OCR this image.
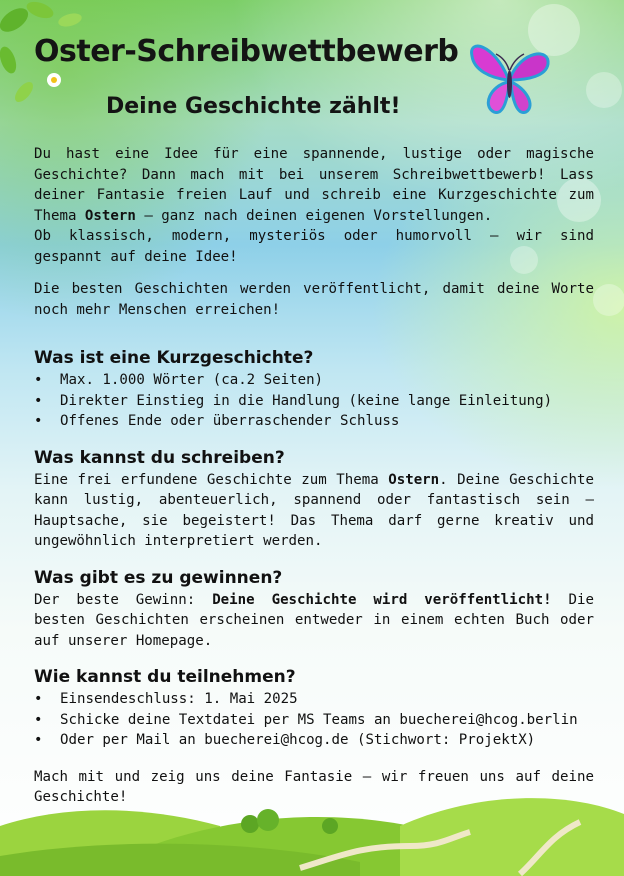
Oster-Schreibwettbewerb
Deine Geschichte zählt!

Du hast eine Idee für eine spannende, lustige oder magische Geschichte? Dann mach mit bei unserem Schreibwettbewerb! Lass deiner Fantasie freien Lauf und schreib eine Kurzgeschichte zum Thema Ostern – ganz nach deinen eigenen Vorstellungen.
Ob klassisch, modern, mysteriös oder humorvoll – wir sind gespannt auf deine Idee!

Die besten Geschichten werden veröffentlicht, damit deine Worte noch mehr Menschen erreichen!

Was ist eine Kurzgeschichte?
• Max. 1.000 Wörter (ca.2 Seiten)
• Direkter Einstieg in die Handlung (keine lange Einleitung)
• Offenes Ende oder überraschender Schluss
Was kannst du schreiben?

Eine frei erfundene Geschichte zum Thema Ostern. Deine Geschichte kann lustig, abenteuerlich, spannend oder fantastisch sein – Hauptsache, sie begeistert! Das Thema darf gerne kreativ und ungewöhnlich interpretiert werden.

Was gibt es zu gewinnen?

Der beste Gewinn: Deine Geschichte wird veröffentlicht! Die besten Geschichten erscheinen entweder in einem echten Buch oder auf unserer Homepage.

Wie kannst du teilnehmen?
• Einsendeschluss: 1. Mai 2025
• Schicke deine Textdatei per MS Teams an buecherei@hcog.berlin
• Oder per Mail an buecherei@hcog.de (Stichwort: ProjektX)

Mach mit und zeig uns deine Fantasie – wir freuen uns auf deine Geschichte!
